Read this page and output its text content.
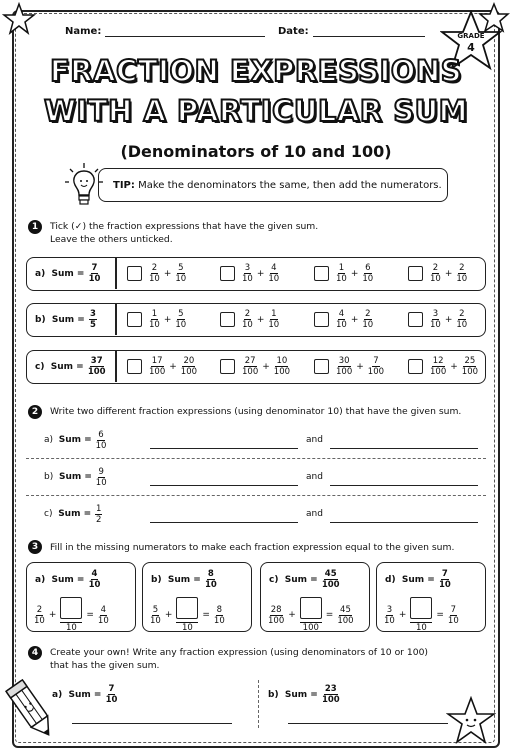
Name:	Date:	GRADE
4
FRACTION EXPRESSIONS
WITH A PARTICULAR SUM
(Denominators of 10 and 100)
TIP: Make the denominators the same, then add the numerators.
1	Tick (✓) the fraction expressions that have the given sum.
Leave the others unticked.
a)
Sum =
$\frac{7}{10}$	$\frac{2}{10} + \frac{5}{10}$	$\frac{3}{10} + \frac{4}{10}$	$\frac{1}{10} + \frac{6}{10}$	$\frac{2}{10} + \frac{2}{10}$
b)
Sum =
$\frac{3}{5}$	$\frac{1}{10} + \frac{5}{10}$	$\frac{2}{10} + \frac{1}{10}$	$\frac{4}{10} + \frac{2}{10}$	$\frac{3}{10} + \frac{2}{10}$
c)
Sum =
$\frac{37}{100}$	$\frac{17}{100} + \frac{20}{100}$	$\frac{27}{100} + \frac{10}{100}$	$\frac{30}{100} + \frac{7}{100}$	$\frac{12}{100} + \frac{25}{100}$
2	Write two different fraction expressions (using denominator 10) that have the given sum.
a)
Sum =
$\frac{6}{10}$	and
b)
Sum =
$\frac{9}{10}$	and
c)
Sum =
$\frac{1}{2}$	and
3	Fill in the missing numerators to make each fraction expression equal to the given sum.
a)
Sum =
$\frac{4}{10}$
$\frac{2}{10}$ +
10
= $\frac{4}{10}$
b)
Sum =
$\frac{8}{10}$
$\frac{5}{10}$ +
10
= $\frac{8}{10}$
c)
Sum =
$\frac{45}{100}$
$\frac{28}{100}$ +
100
= $\frac{45}{100}$
d)
Sum =
$\frac{7}{10}$
$\frac{3}{10}$ +
10
= $\frac{7}{10}$
4	Create your own! Write any fraction expression (using denominators of 10 or 100)
that has the given sum.
a)
Sum =
$\frac{7}{10}$	b)
Sum =
$\frac{23}{100}$
